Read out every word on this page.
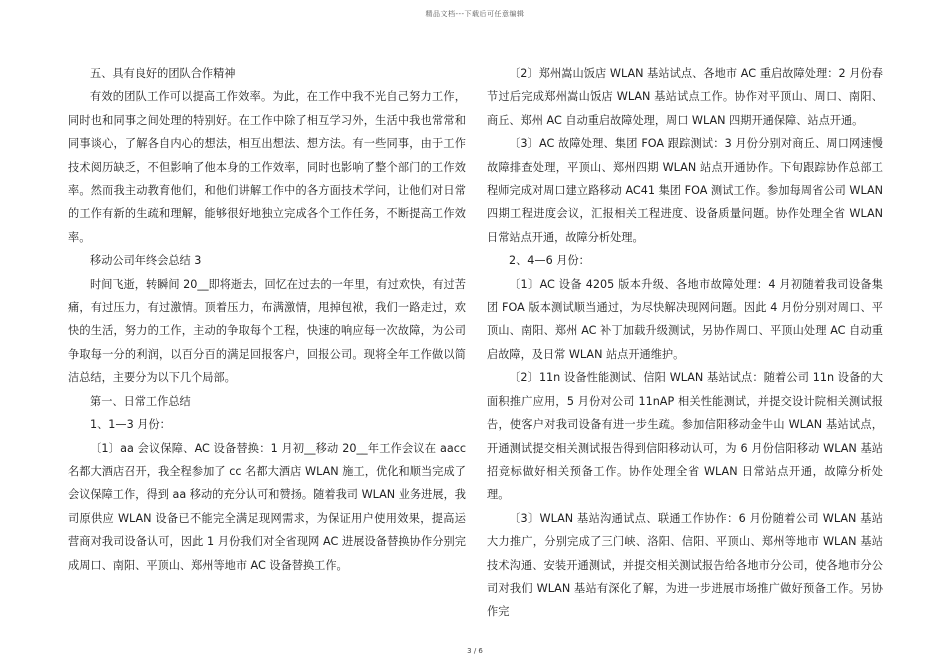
精品文档---下载后可任意编辑

五、具有良好的团队合作精神

有效的团队工作可以提高工作效率。为此，在工作中我不光自己努力工作，同时也和同事之间处理的特别好。在工作中除了相互学习外，生活中我也常常和同事谈心，了解各自内心的想法，相互出想法、想方法。有一些同事，由于工作技术阅历缺乏，不但影响了他本身的工作效率，同时也影响了整个部门的工作效率。然而我主动教育他们，和他们讲解工作中的各方面技术学问，让他们对日常的工作有新的生疏和理解，能够很好地独立完成各个工作任务，不断提高工作效率。

移动公司年终会总结 3

时间飞逝，转瞬间 20__即将逝去，回忆在过去的一年里，有过欢快，有过苦痛，有过压力，有过激情。顶着压力，布满激情，甩掉包袱，我们一路走过，欢快的生活，努力的工作，主动的争取每个工程，快速的响应每一次故障，为公司争取每一分的利润，以百分百的满足回报客户，回报公司。现将全年工作做以简洁总结，主要分为以下几个局部。

第一、日常工作总结

1、1—3 月份：

〔1〕aa 会议保障、AC 设备替换：1 月初__移动 20__年工作会议在 aacc 名都大酒店召开，我全程参加了 cc 名都大酒店 WLAN 施工，优化和顺当完成了会议保障工作，得到 aa 移动的充分认可和赞扬。随着我司 WLAN 业务进展，我司原供应 WLAN 设备已不能完全满足现网需求，为保证用户使用效果，提高运营商对我司设备认可，因此 1 月份我们对全省现网 AC 进展设备替换协作分别完成周口、南阳、平顶山、郑州等地市 AC 设备替换工作。

〔2〕郑州嵩山饭店 WLAN 基站试点、各地市 AC 重启故障处理：2 月份春节过后完成郑州嵩山饭店 WLAN 基站试点工作。协作对平顶山、周口、南阳、商丘、郑州 AC 自动重启故障处理，周口 WLAN 四期开通保障、站点开通。

〔3〕AC 故障处理、集团 FOA 跟踪测试：3 月份分别对商丘、周口网速慢故障排查处理，平顶山、郑州四期 WLAN 站点开通协作。下旬跟踪协作总部工程师完成对周口建立路移动 AC41 集团 FOA 测试工作。参加每周省公司 WLAN 四期工程进度会议，汇报相关工程进度、设备质量问题。协作处理全省 WLAN 日常站点开通，故障分析处理。

2、4—6 月份：

〔1〕AC 设备 4205 版本升级、各地市故障处理：4 月初随着我司设备集团 FOA 版本测试顺当通过，为尽快解决现网问题。因此 4 月份分别对周口、平顶山、南阳、郑州 AC 补丁加载升级测试，另协作周口、平顶山处理 AC 自动重启故障，及日常 WLAN 站点开通维护。

〔2〕11n 设备性能测试、信阳 WLAN 基站试点：随着公司 11n 设备的大面积推广应用，5 月份对公司 11nAP 相关性能测试，并提交设计院相关测试报告，使客户对我司设备有进一步生疏。参加信阳移动金牛山 WLAN 基站试点，开通测试提交相关测试报告得到信阳移动认可，为 6 月份信阳移动 WLAN 基站招竞标做好相关预备工作。协作处理全省 WLAN 日常站点开通，故障分析处理。

〔3〕WLAN 基站沟通试点、联通工作协作：6 月份随着公司 WLAN 基站大力推广，分别完成了三门峡、洛阳、信阳、平顶山、郑州等地市 WLAN 基站技术沟通、安装开通测试，并提交相关测试报告给各地市分公司，使各地市分公司对我们 WLAN 基站有深化了解，为进一步进展市场推广做好预备工作。另协作完

3 / 6
